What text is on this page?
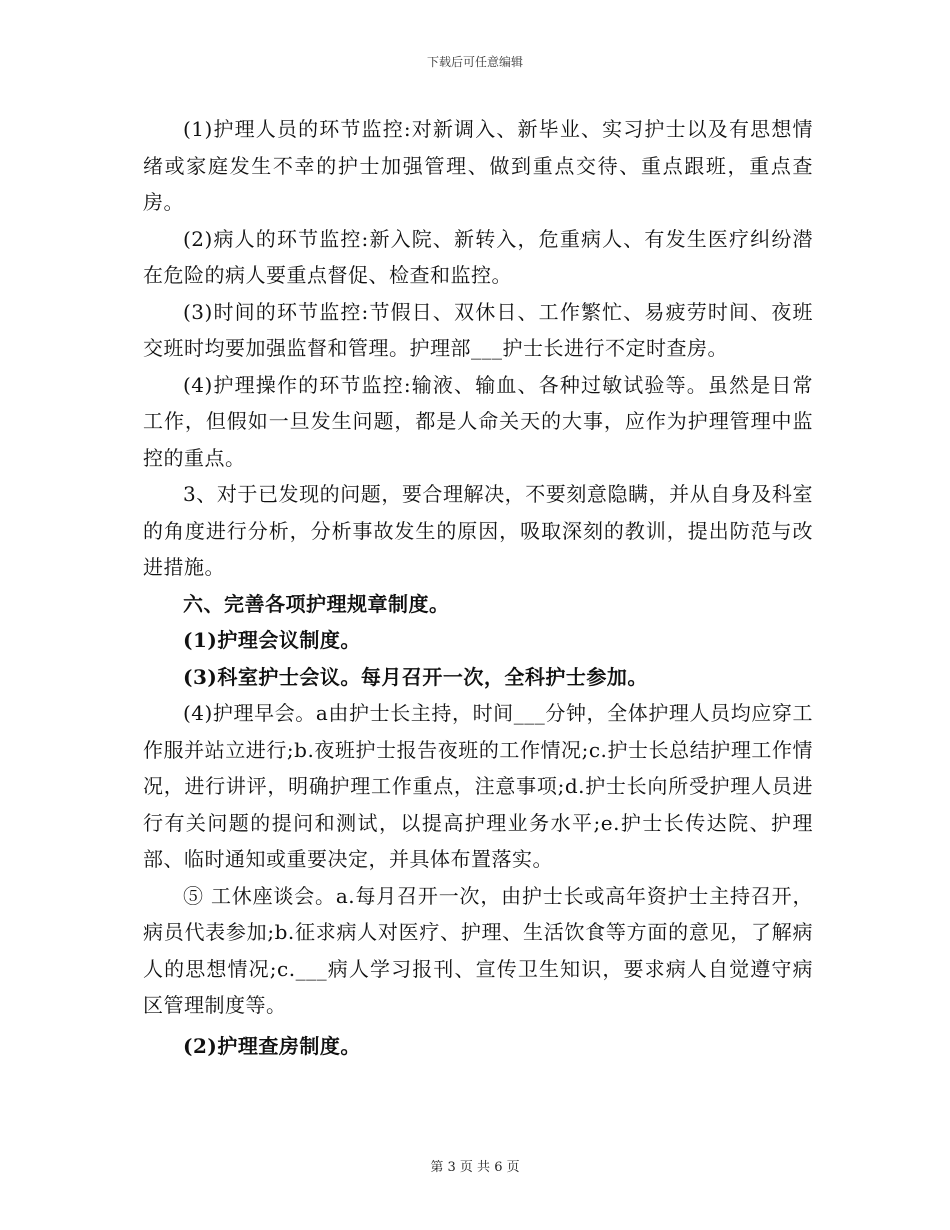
下载后可任意编辑

(1)护理人员的环节监控:对新调入、新毕业、实习护士以及有思想情绪或家庭发生不幸的护士加强管理、做到重点交待、重点跟班，重点查房。

(2)病人的环节监控:新入院、新转入，危重病人、有发生医疗纠纷潜在危险的病人要重点督促、检查和监控。

(3)时间的环节监控:节假日、双休日、工作繁忙、易疲劳时间、夜班交班时均要加强监督和管理。护理部___护士长进行不定时查房。

(4)护理操作的环节监控:输液、输血、各种过敏试验等。虽然是日常工作，但假如一旦发生问题，都是人命关天的大事，应作为护理管理中监控的重点。

3、对于已发现的问题，要合理解决，不要刻意隐瞒，并从自身及科室的角度进行分析，分析事故发生的原因，吸取深刻的教训，提出防范与改进措施。

六、完善各项护理规章制度。

(1)护理会议制度。

(3)科室护士会议。每月召开一次，全科护士参加。

(4)护理早会。a由护士长主持，时间___分钟，全体护理人员均应穿工作服并站立进行;b.夜班护士报告夜班的工作情况;c.护士长总结护理工作情况，进行讲评，明确护理工作重点，注意事项;d.护士长向所受护理人员进行有关问题的提问和测试，以提高护理业务水平;e.护士长传达院、护理部、临时通知或重要决定，并具体布置落实。

⑤ 工休座谈会。a.每月召开一次，由护士长或高年资护士主持召开，病员代表参加;b.征求病人对医疗、护理、生活饮食等方面的意见，了解病人的思想情况;c.___病人学习报刊、宣传卫生知识，要求病人自觉遵守病区管理制度等。

(2)护理查房制度。

第 3 页 共 6 页
